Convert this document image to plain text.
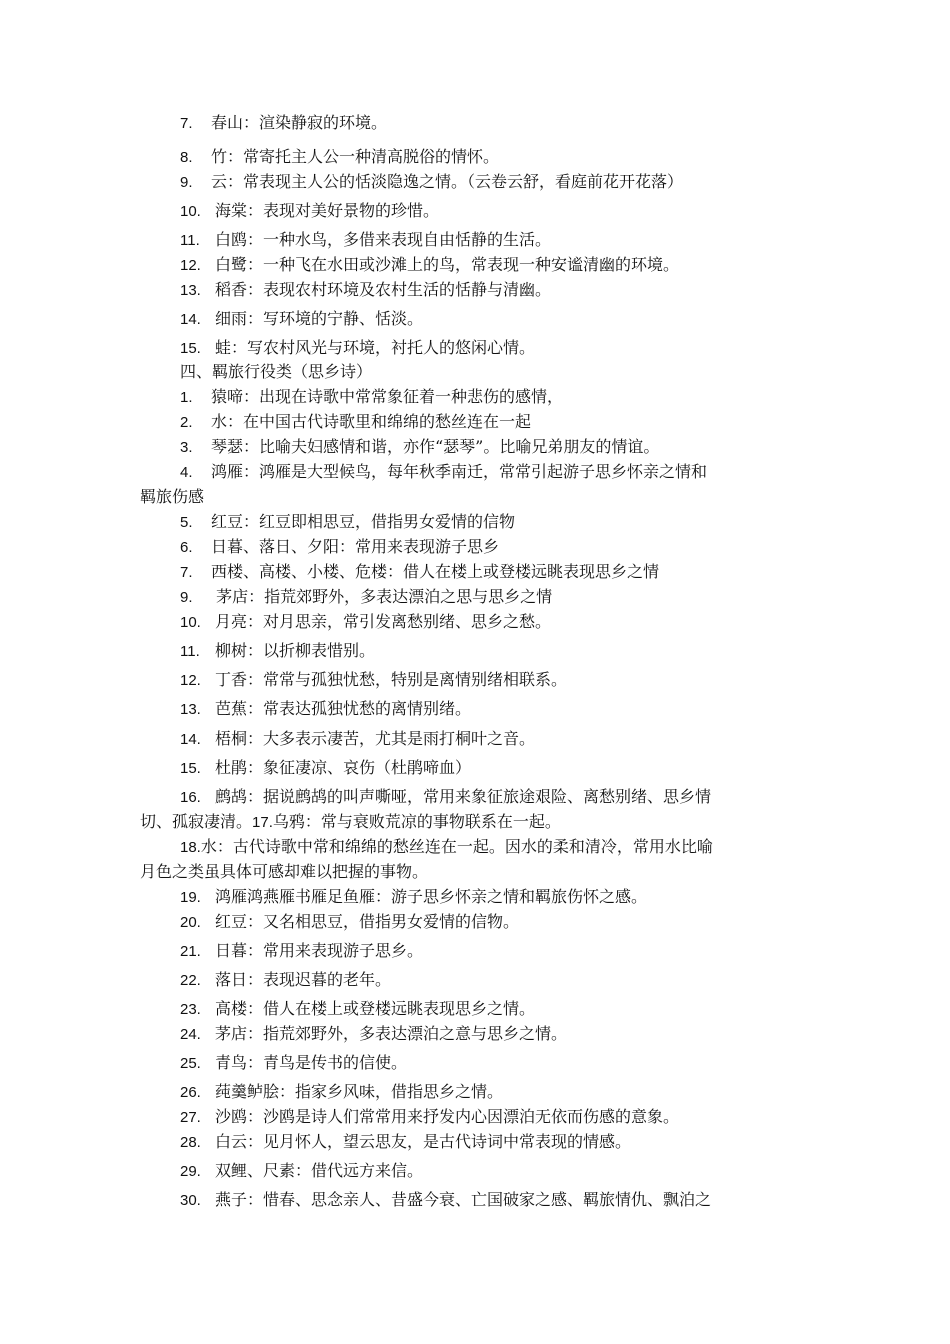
7. 春山：渲染静寂的环境。
8. 竹：常寄托主人公一种清高脱俗的情怀。
9. 云：常表现主人公的恬淡隐逸之情。（云卷云舒，看庭前花开花落）
10. 海棠：表现对美好景物的珍惜。
11. 白鸥：一种水鸟，多借来表现自由恬静的生活。
12. 白鹭：一种飞在水田或沙滩上的鸟，常表现一种安谧清幽的环境。
13. 稻香：表现农村环境及农村生活的恬静与清幽。
14. 细雨：写环境的宁静、恬淡。
15. 蛙：写农村风光与环境，衬托人的悠闲心情。
四、羁旅行役类（思乡诗）
1. 猿啼：出现在诗歌中常常象征着一种悲伤的感情，
2. 水：在中国古代诗歌里和绵绵的愁丝连在一起
3. 琴瑟：比喻夫妇感情和谐，亦作“瑟琴”。比喻兄弟朋友的情谊。
4. 鸿雁：鸿雁是大型候鸟，每年秋季南迁，常常引起游子思乡怀亲之情和
羁旅伤感
5. 红豆：红豆即相思豆，借指男女爱情的信物
6. 日暮、落日、夕阳：常用来表现游子思乡
7. 西楼、高楼、小楼、危楼：借人在楼上或登楼远眺表现思乡之情
9. 茅店：指荒郊野外，多表达漂泊之思与思乡之情
10. 月亮：对月思亲，常引发离愁别绪、思乡之愁。
11. 柳树：以折柳表惜别。
12. 丁香：常常与孤独忧愁，特别是离情别绪相联系。
13. 芭蕉：常表达孤独忧愁的离情别绪。
14. 梧桐：大多表示凄苦，尤其是雨打桐叶之音。
15. 杜鹃：象征凄凉、哀伤（杜鹃啼血）
16. 鹧鸪：据说鹧鸪的叫声嘶哑，常用来象征旅途艰险、离愁别绪、思乡情
切、孤寂凄清。17.乌鸦：常与衰败荒凉的事物联系在一起。
18.水：古代诗歌中常和绵绵的愁丝连在一起。因水的柔和清冷，常用水比喻
月色之类虽具体可感却难以把握的事物。
19. 鸿雁鸿燕雁书雁足鱼雁：游子思乡怀亲之情和羁旅伤怀之感。
20. 红豆：又名相思豆，借指男女爱情的信物。
21. 日暮：常用来表现游子思乡。
22. 落日：表现迟暮的老年。
23. 高楼：借人在楼上或登楼远眺表现思乡之情。
24. 茅店：指荒郊野外，多表达漂泊之意与思乡之情。
25. 青鸟：青鸟是传书的信使。
26. 莼羹鲈脍：指家乡风味，借指思乡之情。
27. 沙鸥：沙鸥是诗人们常常用来抒发内心因漂泊无依而伤感的意象。
28. 白云：见月怀人，望云思友，是古代诗词中常表现的情感。
29. 双鲤、尺素：借代远方来信。
30. 燕子：惜春、思念亲人、昔盛今衰、亡国破家之感、羁旅情仇、飘泊之
